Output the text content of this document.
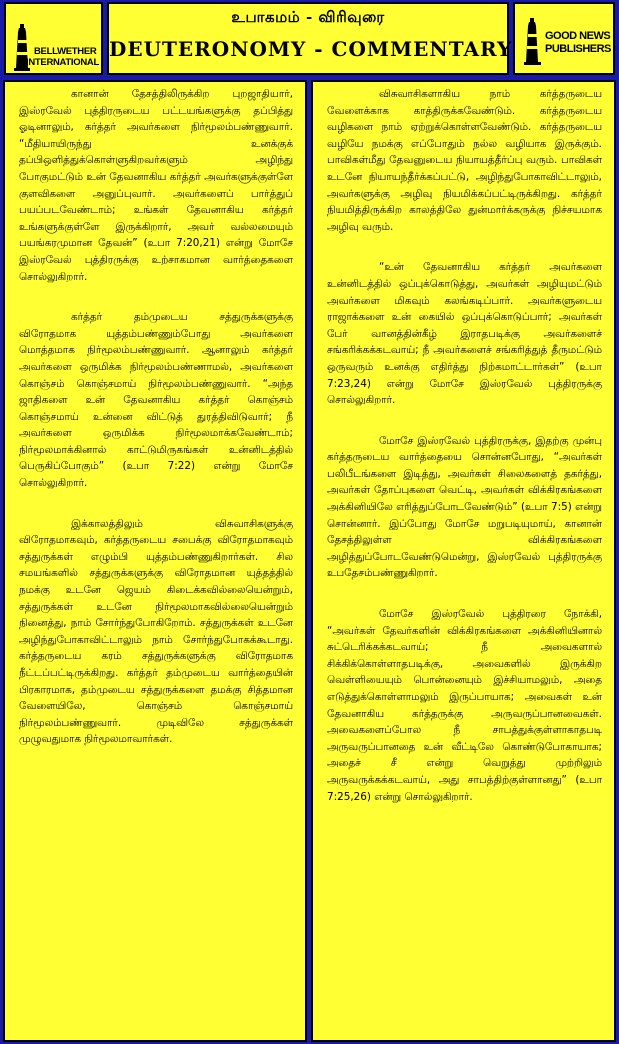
BELLWETHER
INTERNATIONAL
உபாகமம் - விரிவுரை
DEUTERONOMY - COMMENTARY
GOOD NEWS
PUBLISHERS

கானான் தேசத்திலிருக்கிற புறஜாதியார், இஸ்ரவேல் புத்திரருடைய பட்டயங்களுக்கு தப்பித்து ஓடினாலும், கர்த்தர் அவர்களை நிர்மூலம்பண்ணுவார். “மீதியாயிருந்து உனக்குக் தப்பிஒளித்துக்கொள்ளுகிறவர்களும் அழிந்து போகுமட்டும் உன் தேவனாகிய கர்த்தர் அவர்களுக்குள்ளே குளவிகளை அனுப்புவார். அவர்களைப் பார்த்துப் பயப்படவேண்டாம்; உங்கள் தேவனாகிய கர்த்தர் உங்களுக்குள்ளே இருக்கிறார், அவர் வல்லமையும் பயங்கரமுமான தேவன்” (உபா 7:20,21) என்று மோசே இஸ்ரவேல் புத்திரருக்கு உற்சாகமான வார்த்தைகளை சொல்லுகிறார்.

கர்த்தர் தம்முடைய சத்துருக்களுக்கு விரோதமாக யுத்தம்பண்ணும்போது அவர்களை மொத்தமாக நிர்மூலம்பண்ணுவார். ஆனாலும் கர்த்தர் அவர்களை ஒருமிக்க நிர்மூலம்பண்ணாமல், அவர்களை கொஞ்சம் கொஞ்சமாய் நிர்மூலம்பண்ணுவார். “அந்த ஜாதிகளை உன் தேவனாகிய கர்த்தர் கொஞ்சம் கொஞ்சமாய் உன்னை விட்டுத் துரத்திவிடுவார்; நீ அவர்களை ஒருமிக்க நிர்மூலமாக்கவேண்டாம்; நிர்மூலமாக்கினால் காட்டுமிருகங்கள் உன்னிடத்தில் பெருகிப்போகும்” (உபா 7:22) என்று மோசே சொல்லுகிறார்.

இக்காலத்திலும் விசுவாசிகளுக்கு விரோதமாகவும், கர்த்தருடைய சபைக்கு விரோதமாகவும் சத்துருக்கள் எழும்பி யுத்தம்பண்ணுகிறார்கள். சில சமயங்களில் சத்துருக்களுக்கு விரோதமான யுத்தத்தில் நமக்கு உடனே ஜெயம் கிடைக்கவில்லையென்றும், சத்துருக்கள் உடனே நிர்மூலமாகவில்லையென்றும் நினைத்து, நாம் சோர்ந்துபோகிறோம். சத்துருக்கள் உடனே அழிந்துபோகாவிட்டாலும் நாம் சோர்ந்துபோகக்கூடாது. கர்த்தருடைய கரம் சத்துருக்களுக்கு விரோதமாக நீட்டப்பட்டிருக்கிறது. கர்த்தர் தம்முடைய வார்த்தையின் பிரகாரமாக, தம்முடைய சத்துருக்களை தமக்கு சித்தமான வேளையிலே, கொஞ்சம் கொஞ்சமாய் நிர்மூலம்பண்ணுவார். முடிவிலே சத்துருக்கள் முழுவதுமாக நிர்மூலமாவார்கள்.

விசுவாசிகளாகிய நாம் கர்த்தருடைய வேளைக்காக காத்திருக்கவேண்டும். கர்த்தருடைய வழிகளை நாம் ஏற்றுக்கொள்ளவேண்டும். கர்த்தருடைய வழியே நமக்கு எப்போதும் நல்ல வழியாக இருக்கும். பாவிகள்மீது தேவனுடைய நியாயத்தீர்ப்பு வரும். பாவிகள் உடனே நியாயந்தீர்க்கப்பட்டு, அழிந்துபோகாவிட்டாலும், அவர்களுக்கு அழிவு நியமிக்கப்பட்டிருக்கிறது. கர்த்தர் நியமித்திருக்கிற காலத்திலே துன்மார்க்கருக்கு நிச்சயமாக அழிவு வரும்.

“உன் தேவனாகிய கர்த்தர் அவர்களை உன்னிடத்தில் ஒப்புக்கொடுத்து, அவர்கள் அழியுமட்டும் அவர்களை மிகவும் கலங்கடிப்பார். அவர்களுடைய ராஜாக்களை உன் கையில் ஒப்புக்கொடுப்பார்; அவர்கள் பேர் வானத்தின்கீழ் இராதபடிக்கு அவர்களைச் சங்கரிக்கக்கடவாய்; நீ அவர்களைச் சங்கரித்துத் தீருமட்டும் ஒருவரும் உனக்கு எதிர்த்து நிற்கமாட்டார்கள்” (உபா 7:23,24) என்று மோசே இஸ்ரவேல் புத்திரருக்கு சொல்லுகிறார்.

மோசே இஸ்ரவேல் புத்திரருக்கு, இதற்கு முன்பு கர்த்தருடைய வார்த்தையை சொன்னபோது, “அவர்கள் பலிபீடங்களை இடித்து, அவர்கள் சிலைகளைத் தகர்த்து, அவர்கள் தோப்புகளை வெட்டி, அவர்கள் விக்கிரகங்களை அக்கினியிலே எரித்துப்போடவேண்டும்” (உபா 7:5) என்று சொன்னார். இப்போது மோசே மறுபடியுமாய், கானான் தேசத்திலுள்ள விக்கிரகங்களை அழித்துப்போடவேண்டுமென்று, இஸ்ரவேல் புத்திரருக்கு உபதேசம்பண்ணுகிறார்.

மோசே இஸ்ரவேல் புத்திரரை நோக்கி, “அவர்கள் தேவர்களின் விக்கிரகங்களை அக்கினியினால் சுட்டெரிக்கக்கடவாய்; நீ அவைகளால் சிக்கிக்கொள்ளாதபடிக்கு, அவைகளில் இருக்கிற வெள்ளியையும் பொன்னையும் இச்சியாமலும், அதை எடுத்துக்கொள்ளாமலும் இருப்பாயாக; அவைகள் உன் தேவனாகிய கர்த்தருக்கு அருவருப்பானவைகள். அவைகளைப்போல நீ சாபத்துக்குள்ளாகாதபடி அருவருப்பானதை உன் வீட்டிலே கொண்டுபோகாயாக; அதைச் சீ என்று வெறுத்து முற்றிலும் அருவருக்கக்கடவாய், அது சாபத்திற்குள்ளானது” (உபா 7:25,26) என்று சொல்லுகிறார்.
